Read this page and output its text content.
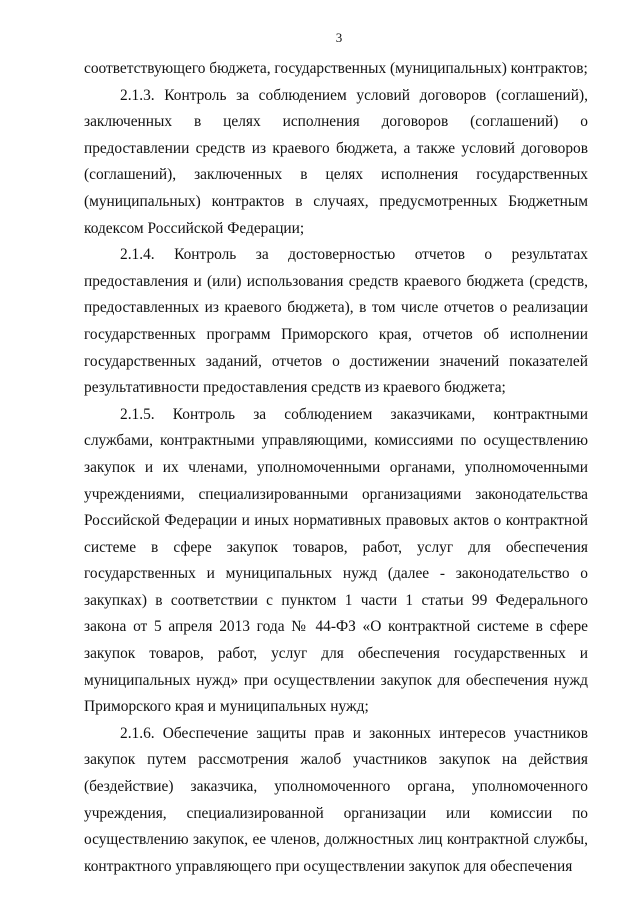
3

соответствующего бюджета, государственных (муниципальных) контрактов;

2.1.3. Контроль за соблюдением условий договоров (соглашений), заключенных в целях исполнения договоров (соглашений) о предоставлении средств из краевого бюджета, а также условий договоров (соглашений), заключенных в целях исполнения государственных (муниципальных) контрактов в случаях, предусмотренных Бюджетным кодексом Российской Федерации;

2.1.4. Контроль за достоверностью отчетов о результатах предоставления и (или) использования средств краевого бюджета (средств, предоставленных из краевого бюджета), в том числе отчетов о реализации государственных программ Приморского края, отчетов об исполнении государственных заданий, отчетов о достижении значений показателей результативности предоставления средств из краевого бюджета;

2.1.5. Контроль за соблюдением заказчиками, контрактными службами, контрактными управляющими, комиссиями по осуществлению закупок и их членами, уполномоченными органами, уполномоченными учреждениями, специализированными организациями законодательства Российской Федерации и иных нормативных правовых актов о контрактной системе в сфере закупок товаров, работ, услуг для обеспечения государственных и муниципальных нужд (далее - законодательство о закупках) в соответствии с пунктом 1 части 1 статьи 99 Федерального закона от 5 апреля 2013 года № 44-ФЗ «О контрактной системе в сфере закупок товаров, работ, услуг для обеспечения государственных и муниципальных нужд» при осуществлении закупок для обеспечения нужд Приморского края и муниципальных нужд;

2.1.6. Обеспечение защиты прав и законных интересов участников закупок путем рассмотрения жалоб участников закупок на действия (бездействие) заказчика, уполномоченного органа, уполномоченного учреждения, специализированной организации или комиссии по осуществлению закупок, ее членов, должностных лиц контрактной службы, контрактного управляющего при осуществлении закупок для обеспечения
